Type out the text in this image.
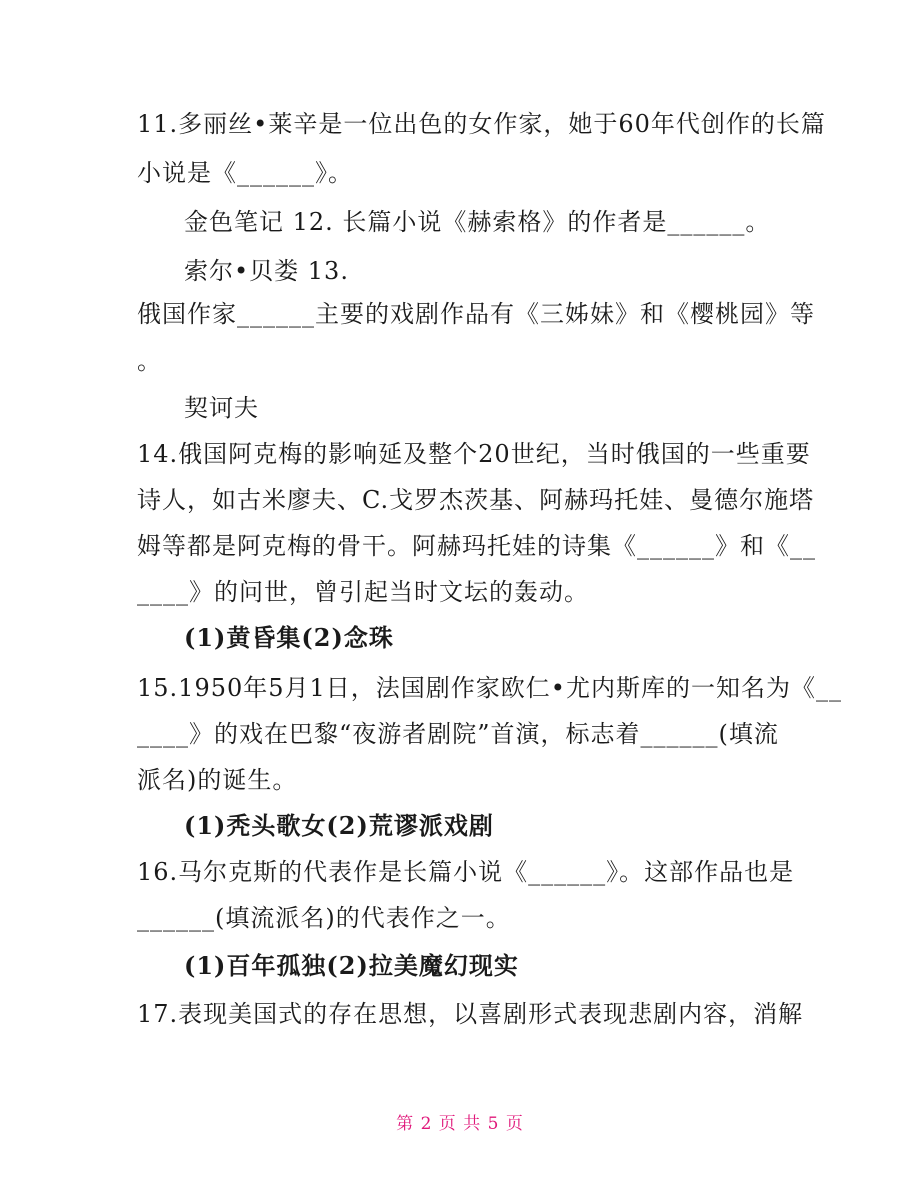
11.多丽丝•莱辛是一位出色的女作家，她于60年代创作的长篇
小说是《______》。
金色笔记 12. 长篇小说《赫索格》的作者是______。
索尔•贝娄 13.
俄国作家______主要的戏剧作品有《三姊妹》和《樱桃园》等
。
契诃夫
14.俄国阿克梅的影响延及整个20世纪，当时俄国的一些重要
诗人，如古米廖夫、C.戈罗杰茨基、阿赫玛托娃、曼德尔施塔
姆等都是阿克梅的骨干。阿赫玛托娃的诗集《______》和《__
____》的问世，曾引起当时文坛的轰动。
(1)黄昏集(2)念珠
15.1950年5月1日，法国剧作家欧仁•尤内斯库的一知名为《__
____》的戏在巴黎“夜游者剧院”首演，标志着______(填流
派名)的诞生。
(1)秃头歌女(2)荒谬派戏剧
16.马尔克斯的代表作是长篇小说《______》。这部作品也是
______(填流派名)的代表作之一。
(1)百年孤独(2)拉美魔幻现实
17.表现美国式的存在思想，以喜剧形式表现悲剧内容，消解
第 2 页 共 5 页
